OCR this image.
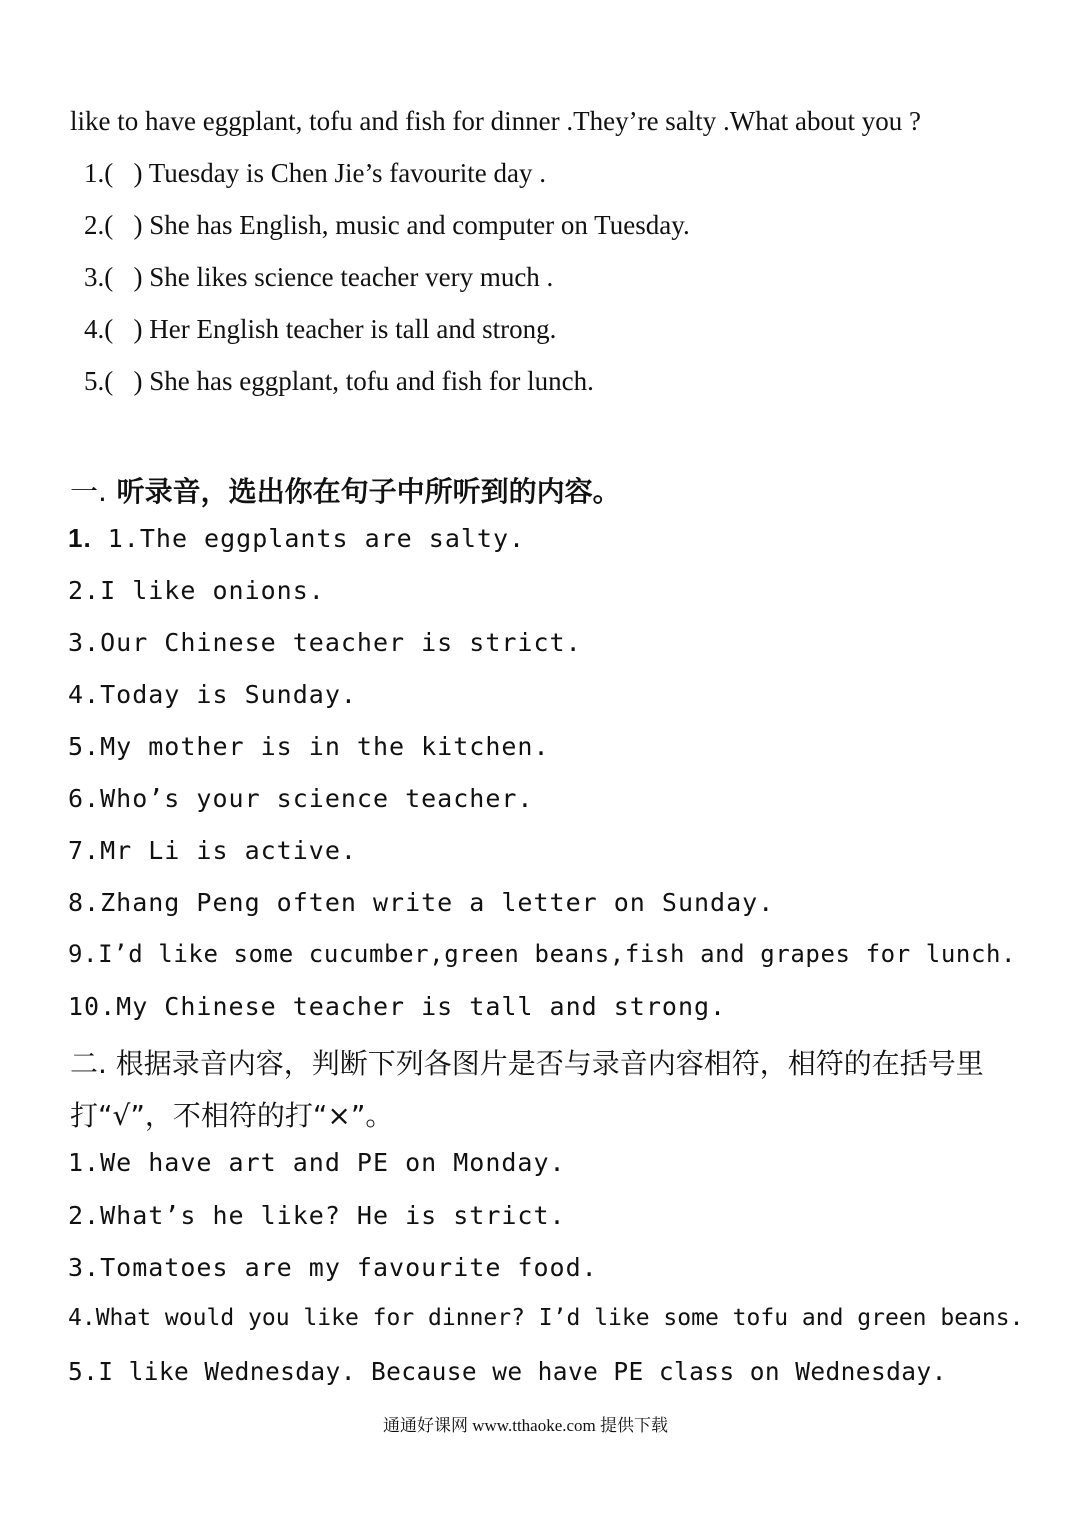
like to have eggplant, tofu and fish for dinner .They’re salty .What about you ?
1.(   ) Tuesday is Chen Jie’s favourite day .
2.(   ) She has English, music and computer on Tuesday.
3.(   ) She likes science teacher very much .
4.(   ) Her English teacher is tall and strong.
5.(   ) She has eggplant, tofu and fish for lunch.
一. 听录音，选出你在句子中所听到的内容。
1. 1.The eggplants are salty.
2.I like onions.
3.Our Chinese teacher is strict.
4.Today is Sunday.
5.My mother is in the kitchen.
6.Who’s your science teacher.
7.Mr Li is active.
8.Zhang Peng often write a letter on Sunday.
9.I’d like some cucumber,green beans,fish and grapes for lunch.
10.My Chinese teacher is tall and strong.
二. 根据录音内容，判断下列各图片是否与录音内容相符，相符的在括号里
打“√”，不相符的打“×”。
1.We have art and PE on Monday.
2.What’s he like? He is strict.
3.Tomatoes are my favourite food.
4.What would you like for dinner? I’d like some tofu and green beans.
5.I like Wednesday. Because we have PE class on Wednesday.
通通好课网 www.tthaoke.com 提供下载
